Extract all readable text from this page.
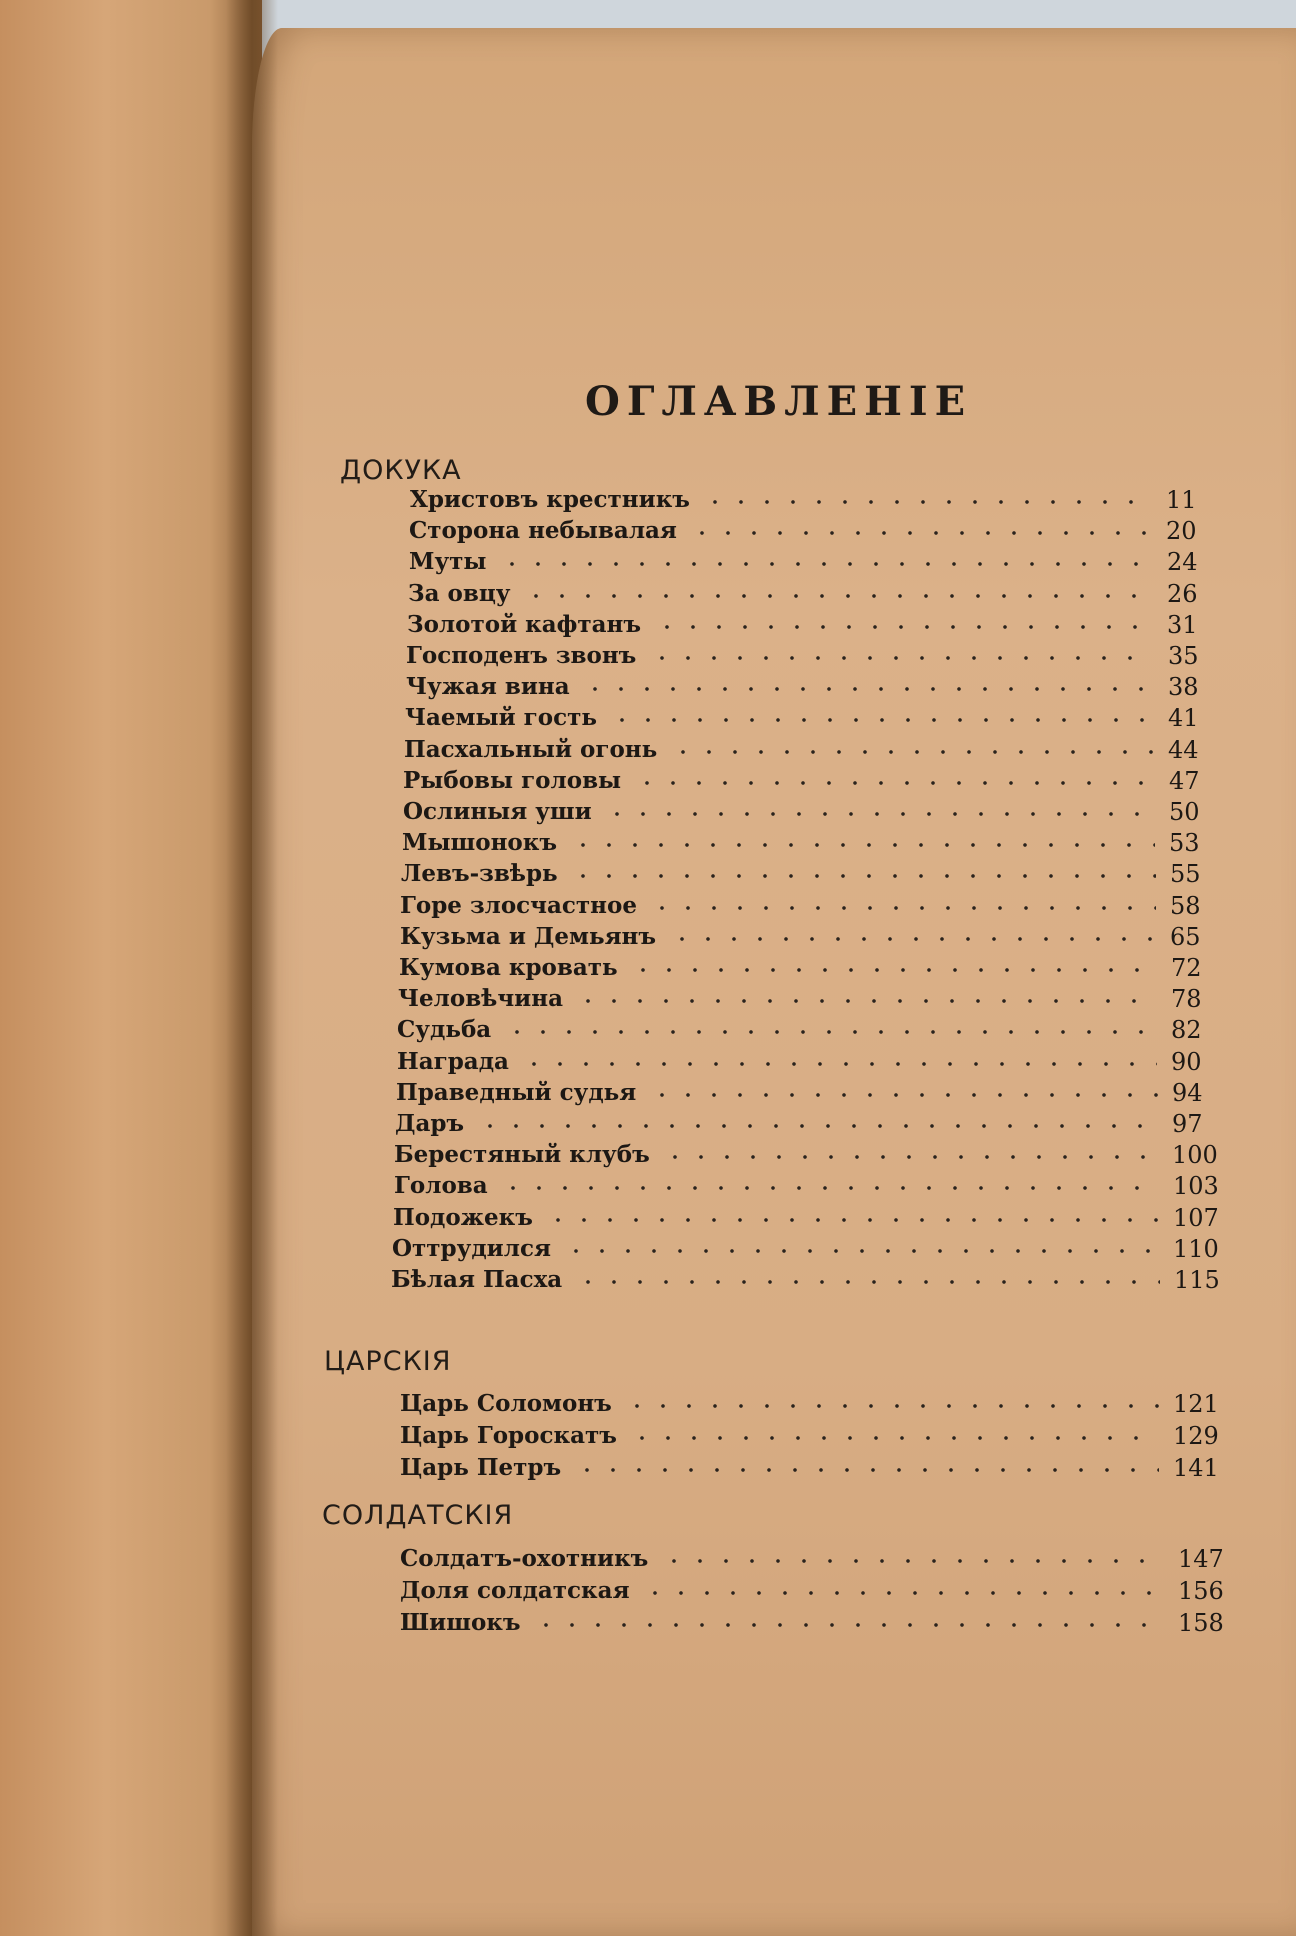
ОГЛАВЛЕНІЕ
ДОКУКА
ЦАРСКІЯ
СОЛДАТСКІЯ
Христовъ крестникъ	11
Сторона небывалая	20
Муты	24
За овцу	26
Золотой кафтанъ	31
Господенъ звонъ	35
Чужая вина	38
Чаемый гость	41
Пасхальный огонь	44
Рыбовы головы	47
Ослиныя уши	50
Мышонокъ	53
Левъ-звѣрь	55
Горе злосчастное	58
Кузьма и Демьянъ	65
Кумова кровать	72
Человѣчина	78
Судьба	82
Награда	90
Праведный судья	94
Даръ	97
Берестяный клубъ	100
Голова	103
Подожекъ	107
Оттрудился	110
Бѣлая Пасха	115
Царь Соломонъ	121
Царь Гороскатъ	129
Царь Петръ	141
Солдатъ-охотникъ	147
Доля солдатская	156
Шишокъ	158
